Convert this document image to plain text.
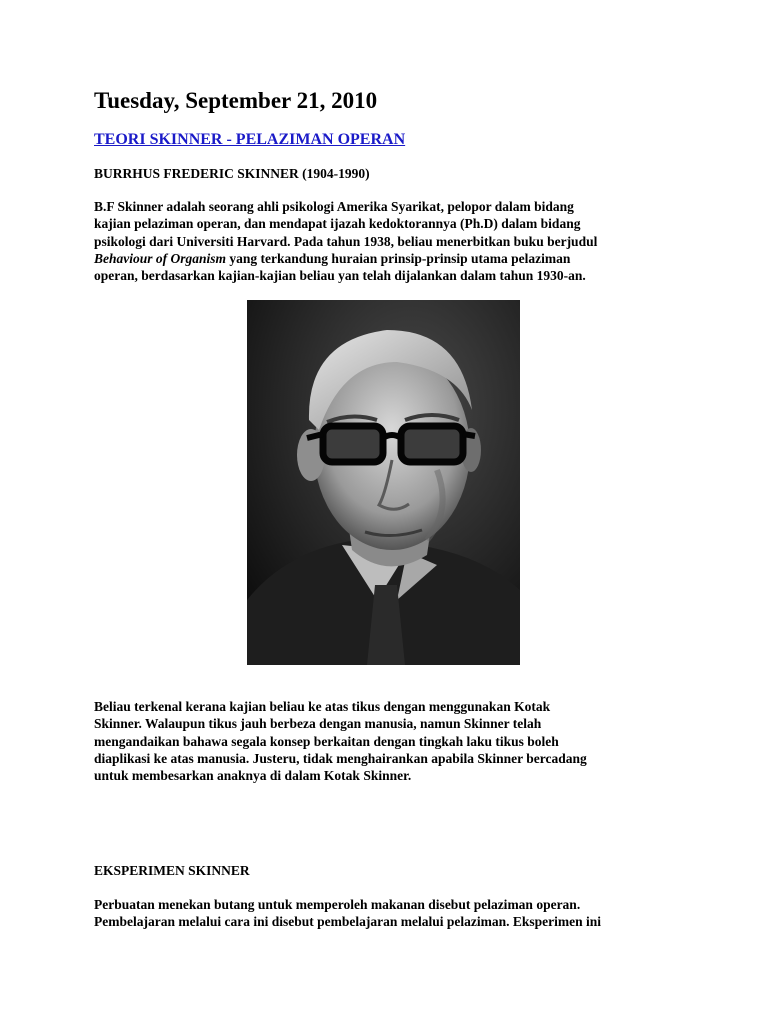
Tuesday, September 21, 2010
TEORI SKINNER - PELAZIMAN OPERAN
BURRHUS FREDERIC SKINNER (1904-1990)
B.F Skinner adalah seorang ahli psikologi Amerika Syarikat, pelopor dalam bidang
kajian pelaziman operan, dan mendapat ijazah kedoktorannya (Ph.D) dalam bidang
psikologi dari Universiti Harvard. Pada tahun 1938, beliau menerbitkan buku berjudul
Behaviour of Organism yang terkandung huraian prinsip-prinsip utama pelaziman
operan, berdasarkan kajian-kajian beliau yan telah dijalankan dalam tahun 1930-an.
Beliau terkenal kerana kajian beliau ke atas tikus dengan menggunakan Kotak
Skinner. Walaupun tikus jauh berbeza dengan manusia, namun Skinner telah
mengandaikan bahawa segala konsep berkaitan dengan tingkah laku tikus boleh
diaplikasi ke atas manusia. Justeru, tidak menghairankan apabila Skinner bercadang
untuk membesarkan anaknya di dalam Kotak Skinner.
EKSPERIMEN SKINNER
Perbuatan menekan butang untuk memperoleh makanan disebut pelaziman operan.
Pembelajaran melalui cara ini disebut pembelajaran melalui pelaziman. Eksperimen ini
